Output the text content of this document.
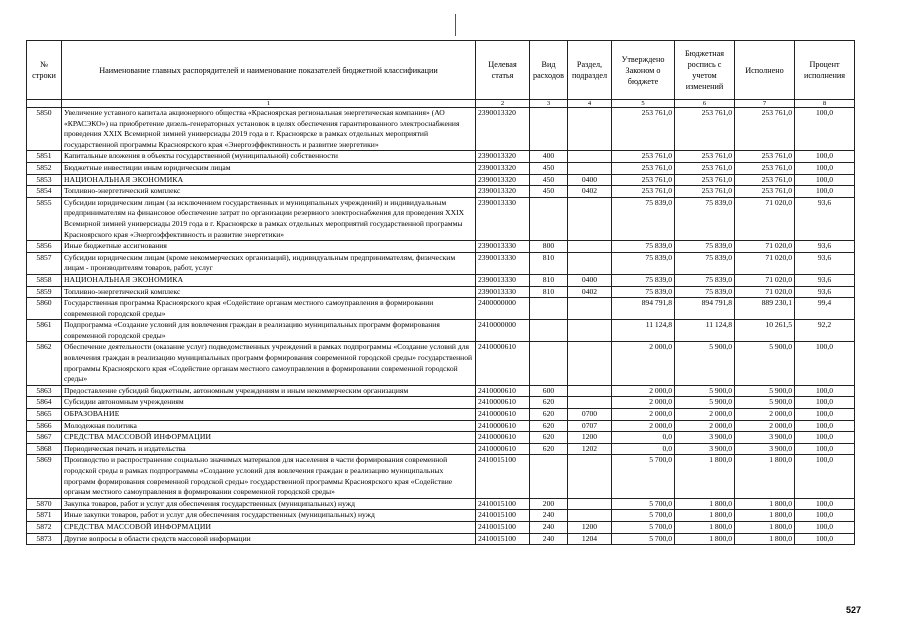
№ строки	Наименование главных распорядителей и наименование показателей бюджетной классификации	Целевая статья	Вид расходов	Раздел, подраздел	Утверждено Законом о бюджете	Бюджетная роспись с учетом изменений	Исполнено	Процент исполнения
	1	2	3	4	5	6	7	8
5850	Увеличение уставного капитала акционерного общества «Красноярская региональная энергетическая компания» (АО «КРАСЭКО») на приобретение дизель-генераторных установок в целях обеспечения гарантированного электроснабжения проведения XXIX Всемирной зимней универсиады 2019 года в г. Красноярске в рамках отдельных мероприятий государственной программы Красноярского края «Энергоэффективность и развитие энергетики»	2390013320			253 761,0	253 761,0	253 761,0	100,0
5851	Капитальные вложения в объекты государственной (муниципальной) собственности	2390013320	400		253 761,0	253 761,0	253 761,0	100,0
5852	Бюджетные инвестиции иным юридическим лицам	2390013320	450		253 761,0	253 761,0	253 761,0	100,0
5853	НАЦИОНАЛЬНАЯ ЭКОНОМИКА	2390013320	450	0400	253 761,0	253 761,0	253 761,0	100,0
5854	Топливно-энергетический комплекс	2390013320	450	0402	253 761,0	253 761,0	253 761,0	100,0
5855	Субсидии юридическим лицам (за исключением государственных и муниципальных учреждений) и индивидуальным предпринимателям на финансовое обеспечение затрат по организации резервного электроснабжения для проведения XXIX Всемирной зимней универсиады 2019 года в г. Красноярске в рамках отдельных мероприятий государственной программы Красноярского края «Энергоэффективность и развитие энергетики»	2390013330			75 839,0	75 839,0	71 020,0	93,6
5856	Иные бюджетные ассигнования	2390013330	800		75 839,0	75 839,0	71 020,0	93,6
5857	Субсидии юридическим лицам (кроме некоммерческих организаций), индивидуальным предпринимателям, физическим лицам - производителям товаров, работ, услуг	2390013330	810		75 839,0	75 839,0	71 020,0	93,6
5858	НАЦИОНАЛЬНАЯ ЭКОНОМИКА	2390013330	810	0400	75 839,0	75 839,0	71 020,0	93,6
5859	Топливно-энергетический комплекс	2390013330	810	0402	75 839,0	75 839,0	71 020,0	93,6
5860	Государственная программа Красноярского края «Содействие органам местного самоуправления в формировании современной городской среды»	2400000000			894 791,8	894 791,8	889 230,1	99,4
5861	Подпрограмма «Создание условий для вовлечения граждан в реализацию муниципальных программ формирования современной городской среды»	2410000000			11 124,8	11 124,8	10 261,5	92,2
5862	Обеспечение деятельности (оказание услуг) подведомственных учреждений в рамках подпрограммы «Создание условий для вовлечения граждан в реализацию муниципальных программ формирования современной городской среды» государственной программы Красноярского края «Содействие органам местного самоуправления в формировании современной городской среды»	2410000610			2 000,0	5 900,0	5 900,0	100,0
5863	Предоставление субсидий бюджетным, автономным учреждениям и иным некоммерческим организациям	2410000610	600		2 000,0	5 900,0	5 900,0	100,0
5864	Субсидии автономным учреждениям	2410000610	620		2 000,0	5 900,0	5 900,0	100,0
5865	ОБРАЗОВАНИЕ	2410000610	620	0700	2 000,0	2 000,0	2 000,0	100,0
5866	Молодежная политика	2410000610	620	0707	2 000,0	2 000,0	2 000,0	100,0
5867	СРЕДСТВА МАССОВОЙ ИНФОРМАЦИИ	2410000610	620	1200	0,0	3 900,0	3 900,0	100,0
5868	Периодическая печать и издательства	2410000610	620	1202	0,0	3 900,0	3 900,0	100,0
5869	Производство и распространение социально значимых материалов для населения в части формирования современной городской среды в рамках подпрограммы «Создание условий для вовлечения граждан в реализацию муниципальных программ формирования современной городской среды» государственной программы Красноярского края «Содействие органам местного самоуправления в формировании современной городской среды»	2410015100			5 700,0	1 800,0	1 800,0	100,0
5870	Закупка товаров, работ и услуг для обеспечения государственных (муниципальных) нужд	2410015100	200		5 700,0	1 800,0	1 800,0	100,0
5871	Иные закупки товаров, работ и услуг для обеспечения государственных (муниципальных) нужд	2410015100	240		5 700,0	1 800,0	1 800,0	100,0
5872	СРЕДСТВА МАССОВОЙ ИНФОРМАЦИИ	2410015100	240	1200	5 700,0	1 800,0	1 800,0	100,0
5873	Другие вопросы в области средств массовой информации	2410015100	240	1204	5 700,0	1 800,0	1 800,0	100,0
527
